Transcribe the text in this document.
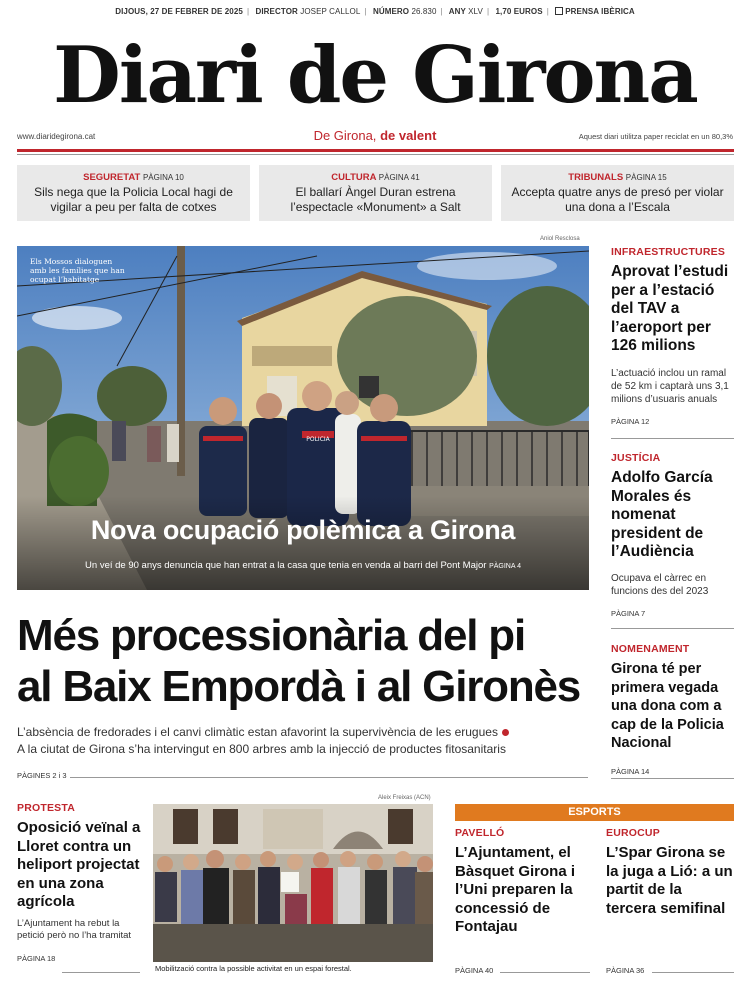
DIJOUS, 27 DE FEBRER DE 2025 | DIRECTOR JOSEP CALLOL | NÚMERO 26.830 | ANY XLV | 1,70 EUROS | PRENSA IBÈRICA
Diari de Girona
www.diaridegirona.cat	De Girona, de valent	Aquest diari utilitza paper reciclat en un 80,3%
SEGURETAT PÀGINA 10
Sils nega que la Policia Local hagi de vigilar a peu per falta de cotxes
CULTURA PÀGINA 41
El ballarí Àngel Duran estrena l’espectacle «Monument» a Salt
TRIBUNALS PÀGINA 15
Accepta quatre anys de presó per violar una dona a l’Escala
Aniol Resclosa
POLICIA
Els Mossos dialoguen amb les famílies que han ocupat l’habitatge
Nova ocupació polèmica a Girona
Un veí de 90 anys denuncia que han entrat a la casa que tenia en venda al barri del Pont Major PÀGINA 4
INFRAESTRUCTURES
Aprovat l’estudi per a l’estació del TAV a l’aeroport per 126 milions
L’actuació inclou un ramal de 52 km i captarà uns 3,1 milions d’usuaris anuals
PÀGINA 12
JUSTÍCIA
Adolfo García Morales és nomenat president de l’Audiència
Ocupava el càrrec en funcions des del 2023
PÀGINA 7
NOMENAMENT
Girona té per primera vegada una dona com a cap de la Policia Nacional
PÀGINA 14
Més processionària del pi
al Baix Empordà i al Gironès
L’absència de fredorades i el canvi climàtic estan afavorint la supervivència de les erugues
A la ciutat de Girona s’ha intervingut en 800 arbres amb la injecció de productes fitosanitaris
PÀGINES 2 i 3
PROTESTA
Oposició veïnal a Lloret contra un heliport projectat en una zona agrícola
L’Ajuntament ha rebut la petició però no l’ha tramitat
PÀGINA 18
Aleix Freixas (ACN)
Mobilització contra la possible activitat en un espai forestal.
ESPORTS
PAVELLÓ
L’Ajuntament, el Bàsquet Girona i l’Uni preparen la concessió de Fontajau
PÀGINA 40
EUROCUP
L’Spar Girona se la juga a Lió: a un partit de la tercera semifinal
PÀGINA 36
